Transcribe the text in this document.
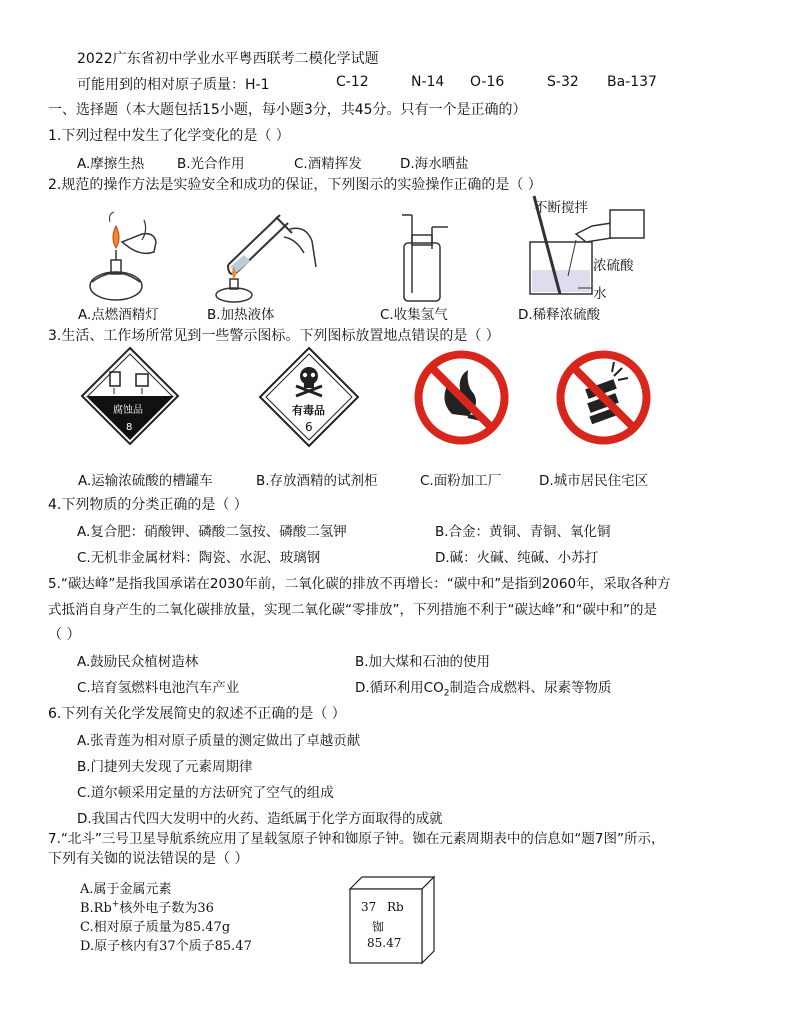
2022广东省初中学业水平粤西联考二模化学试题
可能用到的相对原子质量：H-1	C-12	N-14 O-16	S-32 Ba-137
一、选择题（本大题包括15小题，每小题3分，共45分。只有一个是正确的）
1.下列过程中发生了化学变化的是（ ）
A.摩擦生热 B.光合作用	C.酒精挥发	D.海水晒盐
2.规范的操作方法是实验安全和成功的保证，下列图示的实验操作正确的是（ ）
不断搅拌
浓硫酸
水
A.点燃酒精灯	B.加热液体	C.收集氢气	D.稀释浓硫酸
3.生活、工作场所常见到一些警示图标。下列图标放置地点错误的是（ ）
腐蚀品
8
有毒品
6
A.运输浓硫酸的槽罐车	B.存放酒精的试剂柜	C.面粉加工厂	D.城市居民住宅区
4.下列物质的分类正确的是（ ）
A.复合肥：硝酸钾、磷酸二氢按、磷酸二氢钾	B.合金：黄铜、青铜、氧化铜
C.无机非金属材料：陶瓷、水泥、玻璃钢	D.碱：火碱、纯碱、小苏打
5.“碳达峰”是指我国承诺在2030年前，二氧化碳的排放不再增长：“碳中和”是指到2060年，采取各种方
式抵消自身产生的二氧化碳排放量，实现二氧化碳“零排放”，下列措施不利于“碳达峰”和“碳中和”的是
（ ）
A.鼓励民众植树造林	B.加大煤和石油的使用
C.培育氢燃料电池汽车产业	D.循环利用$CO_2$制造合成燃料、尿素等物质
6.下列有关化学发展简史的叙述不正确的是（ ）
A.张青莲为相对原子质量的测定做出了卓越贡献
B.门捷列夫发现了元素周期律
C.道尔顿采用定量的方法研究了空气的组成
D.我国古代四大发明中的火药、造纸属于化学方面取得的成就
7.“北斗”三号卫星导航系统应用了星载氢原子钟和铷原子钟。铷在元素周期表中的信息如“题7图”所示，
下列有关铷的说法错误的是（ ）
A.属于金属元素
B.Rb+核外电子数为36
C.相对原子质量为85.47g
D.原子核内有37个质子85.47
37 Rb
铷
85.47
